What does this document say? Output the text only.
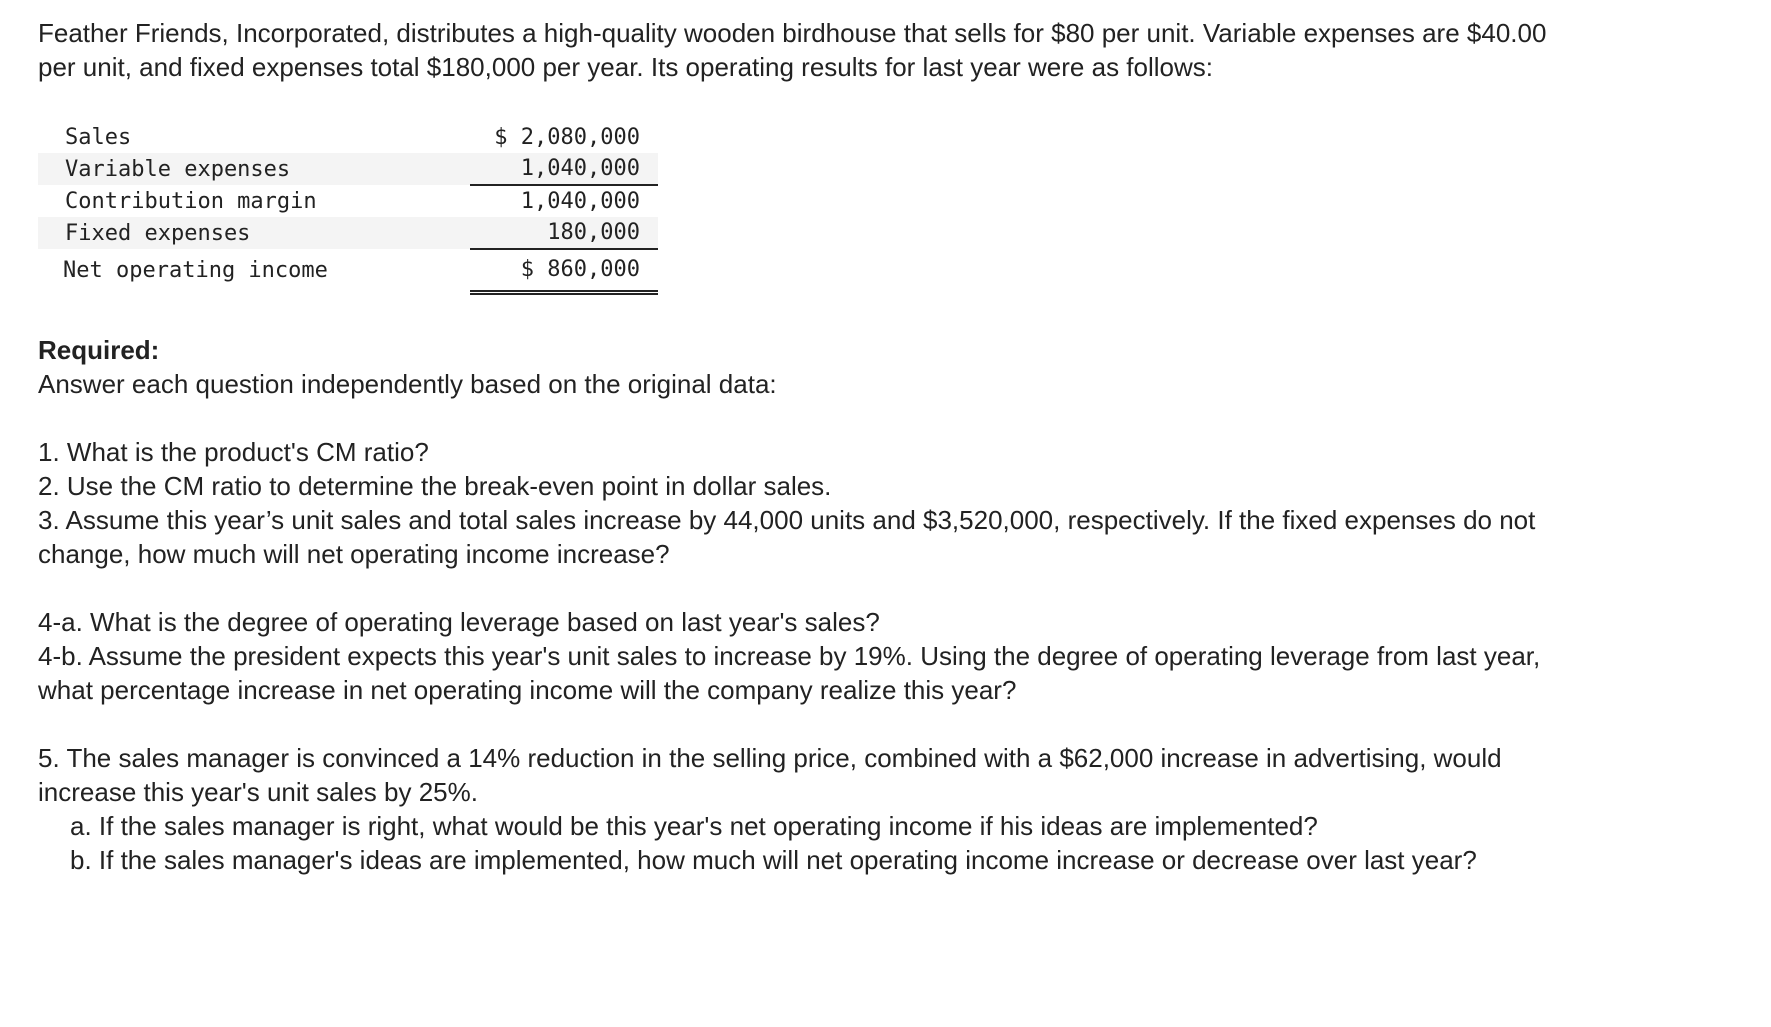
Feather Friends, Incorporated, distributes a high-quality wooden birdhouse that sells for $80 per unit. Variable expenses are $40.00 per unit, and fixed expenses total $180,000 per year. Its operating results for last year were as follows:

Sales	$ 2,080,000
Variable expenses	1,040,000
Contribution margin	1,040,000
Fixed expenses	180,000
Net operating income	$ 860,000
Required:

Answer each question independently based on the original data:

1. What is the product's CM ratio?

2. Use the CM ratio to determine the break-even point in dollar sales.

3. Assume this year’s unit sales and total sales increase by 44,000 units and $3,520,000, respectively. If the fixed expenses do not change, how much will net operating income increase?

4-a. What is the degree of operating leverage based on last year's sales?

4-b. Assume the president expects this year's unit sales to increase by 19%. Using the degree of operating leverage from last year, what percentage increase in net operating income will the company realize this year?

5. The sales manager is convinced a 14% reduction in the selling price, combined with a $62,000 increase in advertising, would increase this year's unit sales by 25%.

a. If the sales manager is right, what would be this year's net operating income if his ideas are implemented?

b. If the sales manager's ideas are implemented, how much will net operating income increase or decrease over last year?
